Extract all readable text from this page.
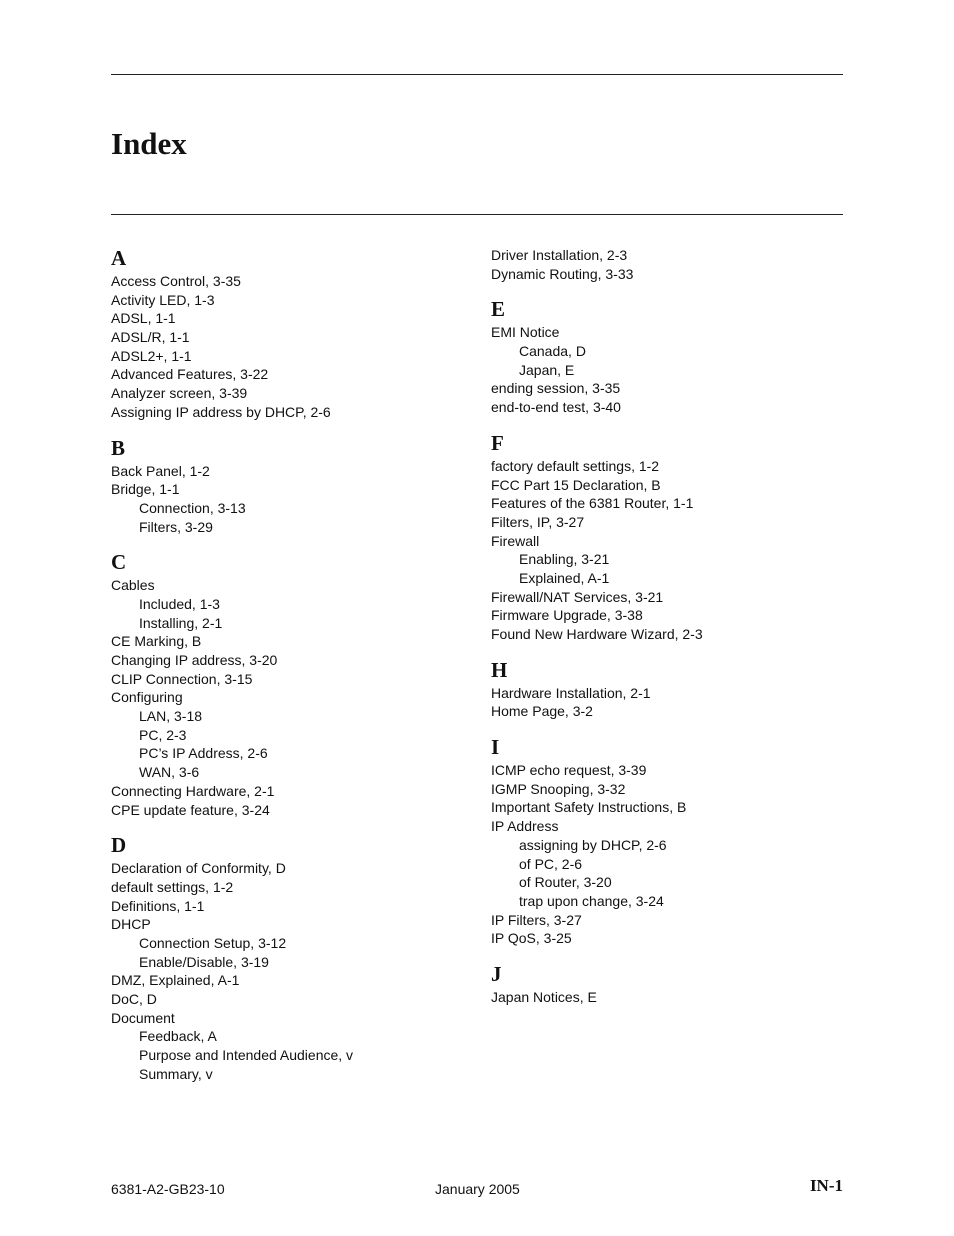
Index
A
Access Control, 3-35
Activity LED, 1-3
ADSL, 1-1
ADSL/R, 1-1
ADSL2+, 1-1
Advanced Features, 3-22
Analyzer screen, 3-39
Assigning IP address by DHCP, 2-6
B
Back Panel, 1-2
Bridge, 1-1
Connection, 3-13
Filters, 3-29
C
Cables
Included, 1-3
Installing, 2-1
CE Marking, B
Changing IP address, 3-20
CLIP Connection, 3-15
Configuring
LAN, 3-18
PC, 2-3
PC’s IP Address, 2-6
WAN, 3-6
Connecting Hardware, 2-1
CPE update feature, 3-24
D
Declaration of Conformity, D
default settings, 1-2
Definitions, 1-1
DHCP
Connection Setup, 3-12
Enable/Disable, 3-19
DMZ, Explained, A-1
DoC, D
Document
Feedback, A
Purpose and Intended Audience, v
Summary, v
Driver Installation, 2-3
Dynamic Routing, 3-33
E
EMI Notice
Canada, D
Japan, E
ending session, 3-35
end-to-end test, 3-40
F
factory default settings, 1-2
FCC Part 15 Declaration, B
Features of the 6381 Router, 1-1
Filters, IP, 3-27
Firewall
Enabling, 3-21
Explained, A-1
Firewall/NAT Services, 3-21
Firmware Upgrade, 3-38
Found New Hardware Wizard, 2-3
H
Hardware Installation, 2-1
Home Page, 3-2
I
ICMP echo request, 3-39
IGMP Snooping, 3-32
Important Safety Instructions, B
IP Address
assigning by DHCP, 2-6
of PC, 2-6
of Router, 3-20
trap upon change, 3-24
IP Filters, 3-27
IP QoS, 3-25
J
Japan Notices, E
6381-A2-GB23-10	January 2005	IN-1
